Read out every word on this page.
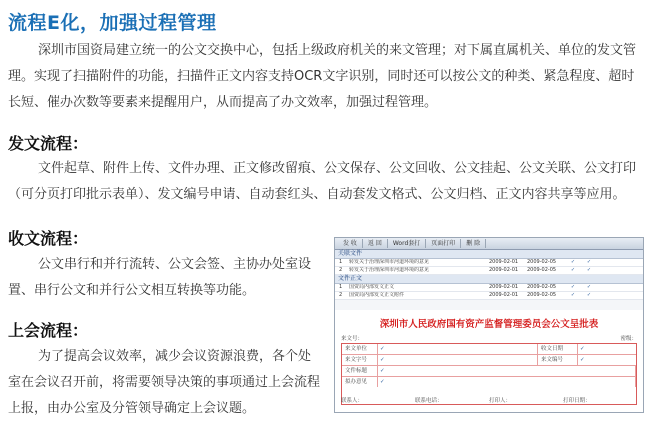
流程E化，加强过程管理
深圳市国资局建立统一的公文交换中心，包括上级政府机关的来文管理；对下属直属机关、单位的发文管理。实现了扫描附件的功能，扫描件正文内容支持OCR文字识别，同时还可以按公文的种类、紧急程度、超时长短、催办次数等要素来提醒用户，从而提高了办文效率，加强过程管理。
发文流程：
文件起草、附件上传、文件办理、正文修改留痕、公文保存、公文回收、公文挂起、公文关联、公文打印（可分页打印批示表单）、发文编号申请、自动套红头、自动套发文格式、公文归档、正文内容共享等应用。
收文流程：
公文串行和并行流转、公文会签、主协办处室设置、串行公文和并行公文相互转换等功能。
上会流程：
为了提高会议效率，减少会议资源浪费，各个处室在会议召开前，将需要领导决策的事项通过上会流程上报，由办公室及分管领导确定上会议题。
发 收	返 回	Word套打	页面打印	删 除
关联文件
1	转发关于治理深圳市河道环境的意见	2009-02-01	2009-02-05	✓	✓
2	转发关于治理深圳市河道环境的意见	2009-02-01	2009-02-05	✓	✓
文件正文
1	国资局内部发文正文	2009-02-01	2009-02-05	✓	✓
2	国资局内部发文正文附件	2009-02-01	2009-02-05	✓	✓
深圳市人民政府国有资产监督管理委员会公文呈批表
来文号：	密级：
来文单位	✓	收文日期	✓
来文字号	✓	来文编号	✓
文件标题	✓
拟办意见	✓
联系人：	联系电话：	打印人：	打印日期：
